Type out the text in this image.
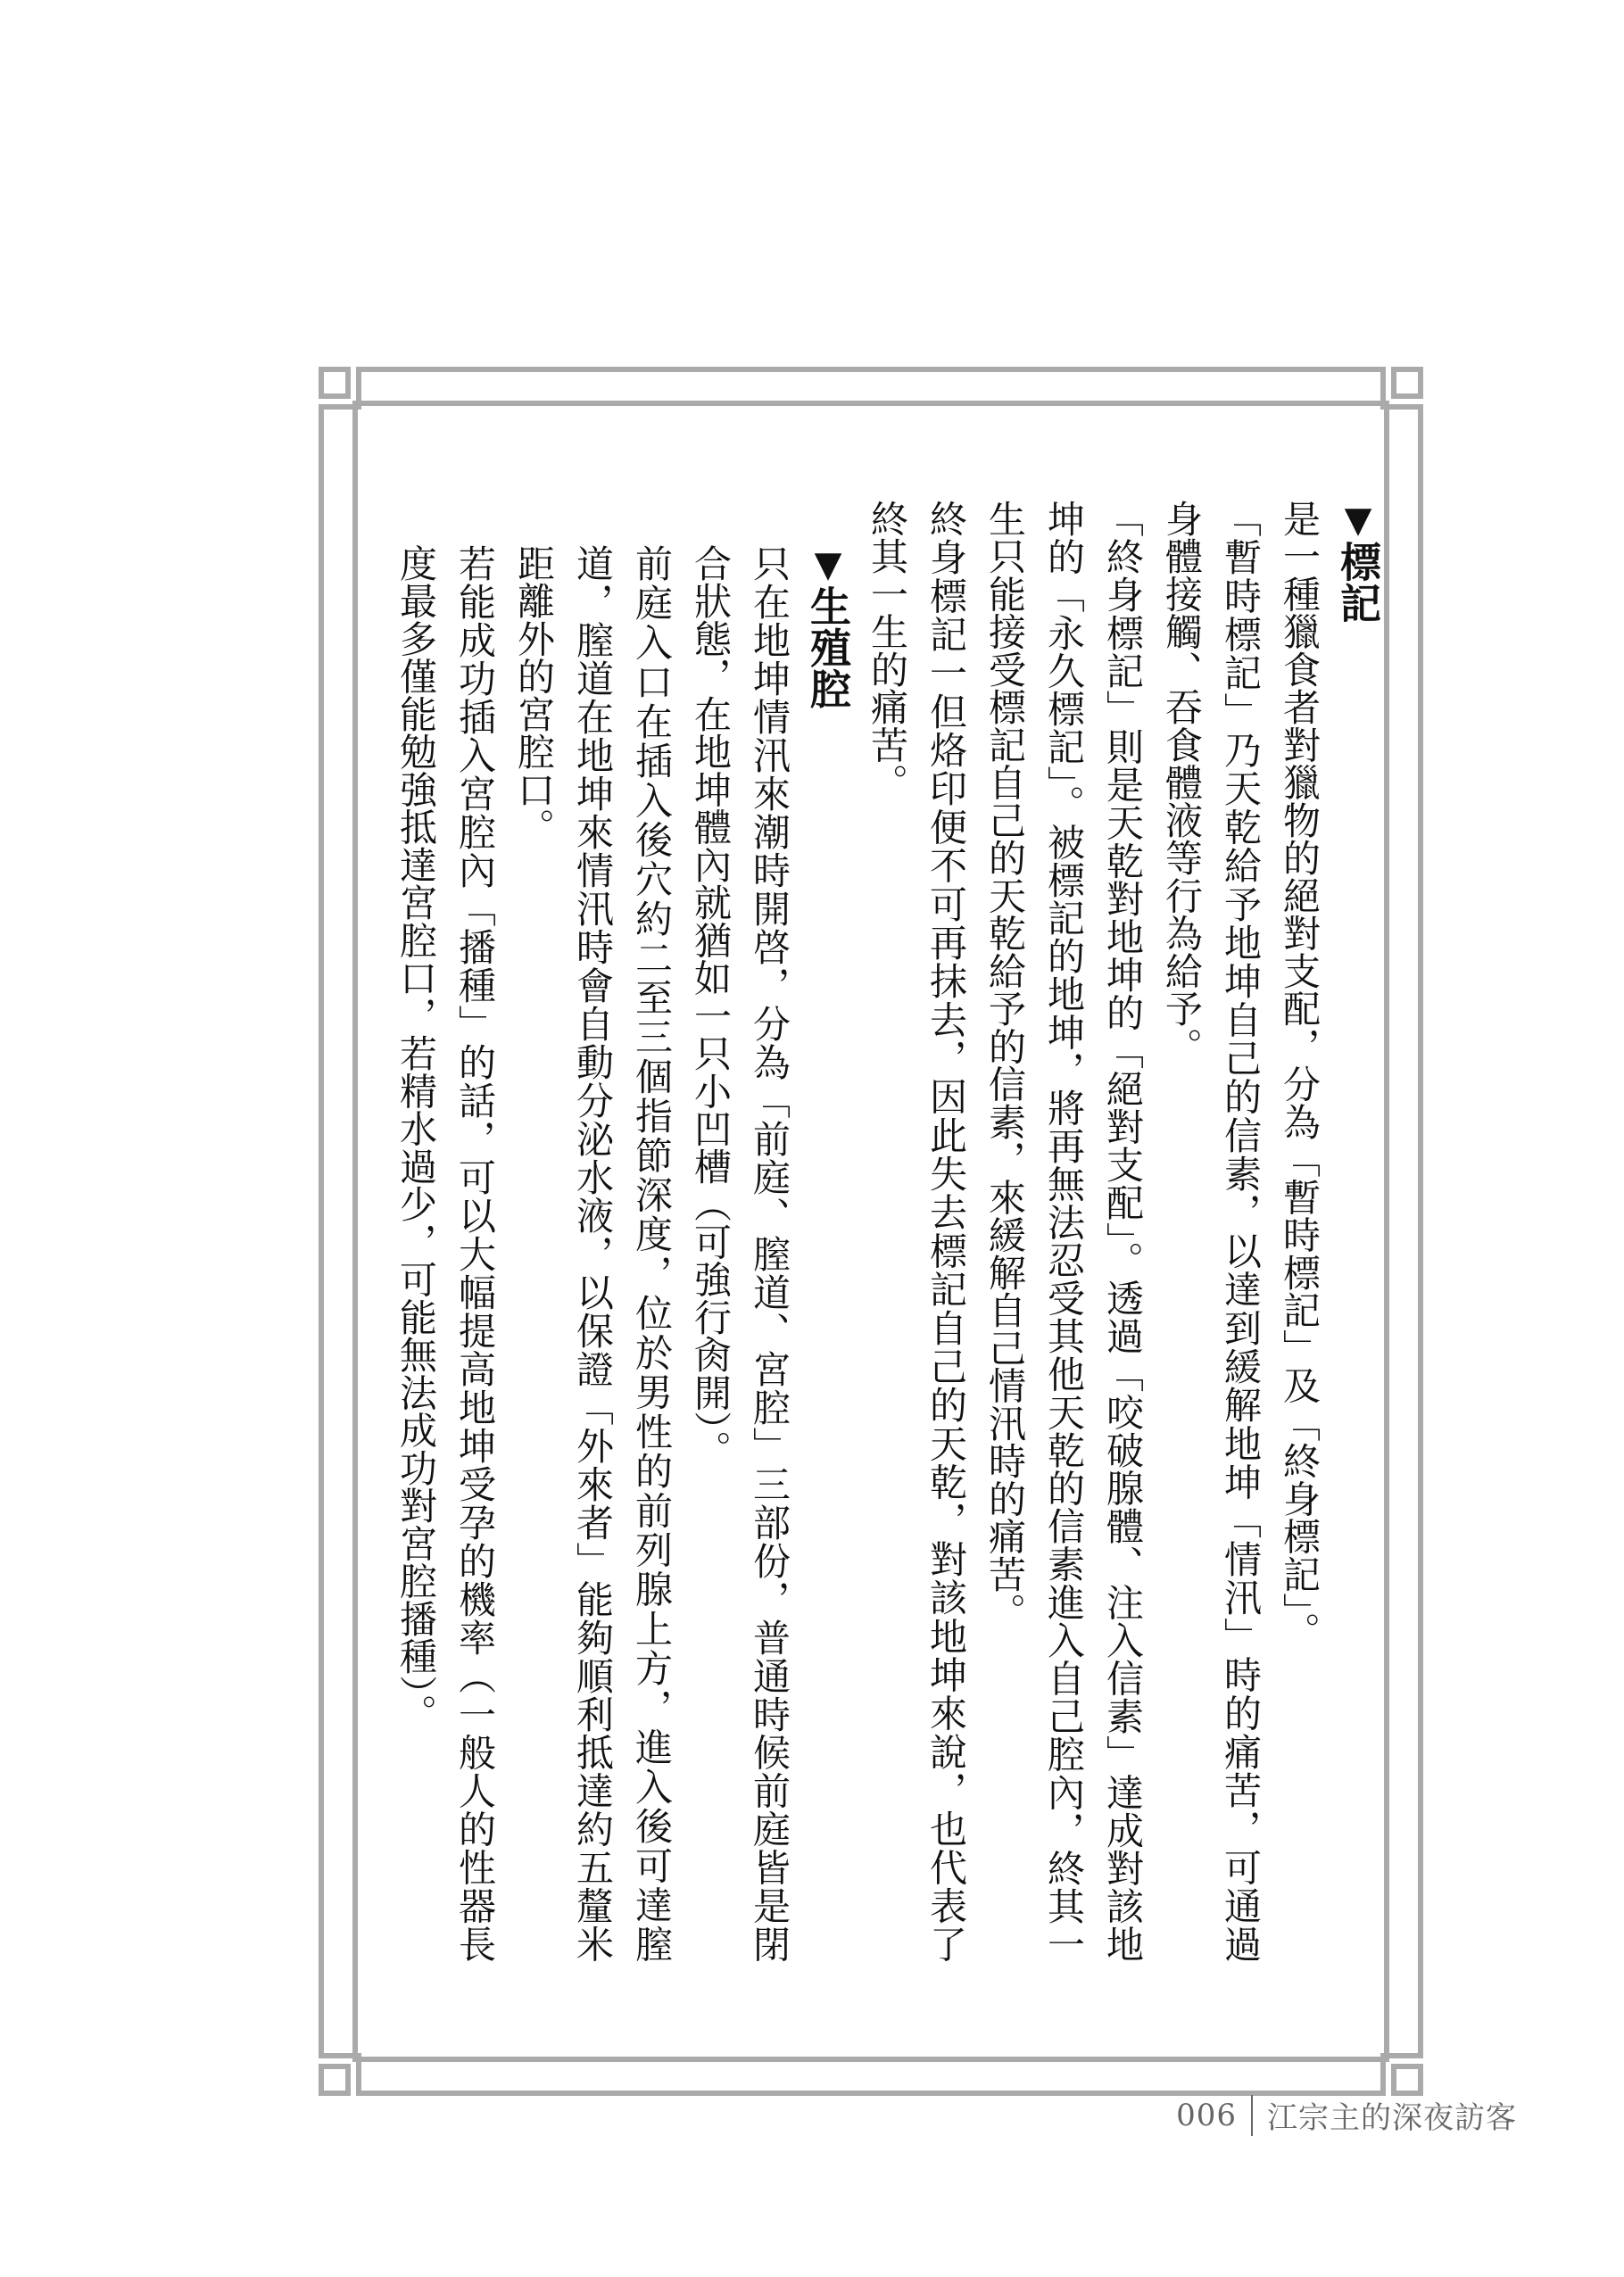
▼標記

是一種獵食者對獵物的絕對支配，分為「暫時標記」及「終身標記」。

「暫時標記」乃天乾給予地坤自己的信素，以達到緩解地坤「情汛」時的痛苦，可通過身體接觸、吞食體液等行為給予。

「終身標記」則是天乾對地坤的「絕對支配」。透過「咬破腺體、注入信素」達成對該地坤的「永久標記」。被標記的地坤，將再無法忍受其他天乾的信素進入自己腔內，終其一生只能接受標記自己的天乾給予的信素，來緩解自己情汛時的痛苦。

終身標記一但烙印便不可再抹去，因此失去標記自己的天乾，對該地坤來說，也代表了終其一生的痛苦。

▼生殖腔

只在地坤情汛來潮時開啓，分為「前庭、膣道、宮腔」三部份，普通時候前庭皆是閉合狀態，在地坤體內就猶如一只小凹槽（可強行肏開）。

前庭入口在插入後穴約二至三個指節深度，位於男性的前列腺上方，進入後可達膣道，膣道在地坤來情汛時會自動分泌水液，以保證「外來者」能夠順利抵達約五釐米距離外的宮腔口。

若能成功插入宮腔內「播種」的話，可以大幅提高地坤受孕的機率（一般人的性器長度最多僅能勉強抵達宮腔口，若精水過少，可能無法成功對宮腔播種）。

006 江宗主的深夜訪客
